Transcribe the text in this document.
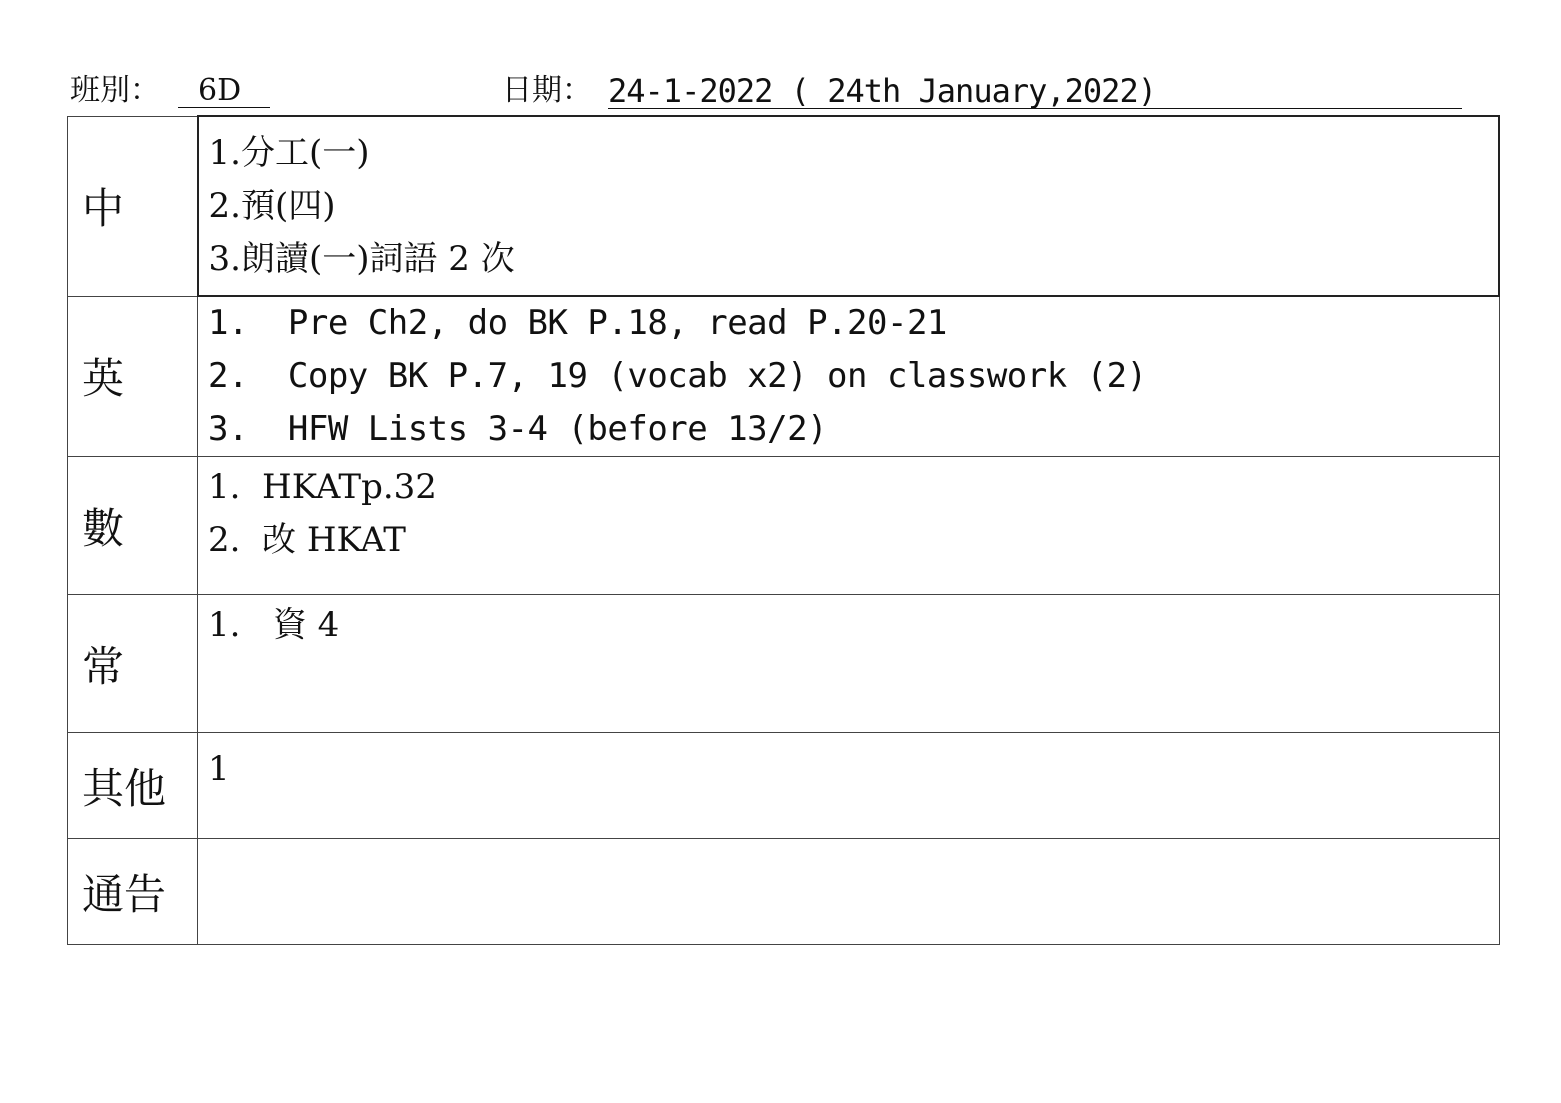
班別：	6D	日期： 24-1-2022 ( 24th January,2022)
中	1.分工(一)
2.預(四)
3.朗讀(一)詞語 2 次

英	1.  Pre Ch2, do BK P.18, read P.20-21
2.  Copy BK P.7, 19 (vocab x2) on classwork (2)
3.  HFW Lists 3-4 (before 13/2)

數	1.  HKATp.32
2.  改 HKAT

常	1.   資 4

其他	1

通告	
